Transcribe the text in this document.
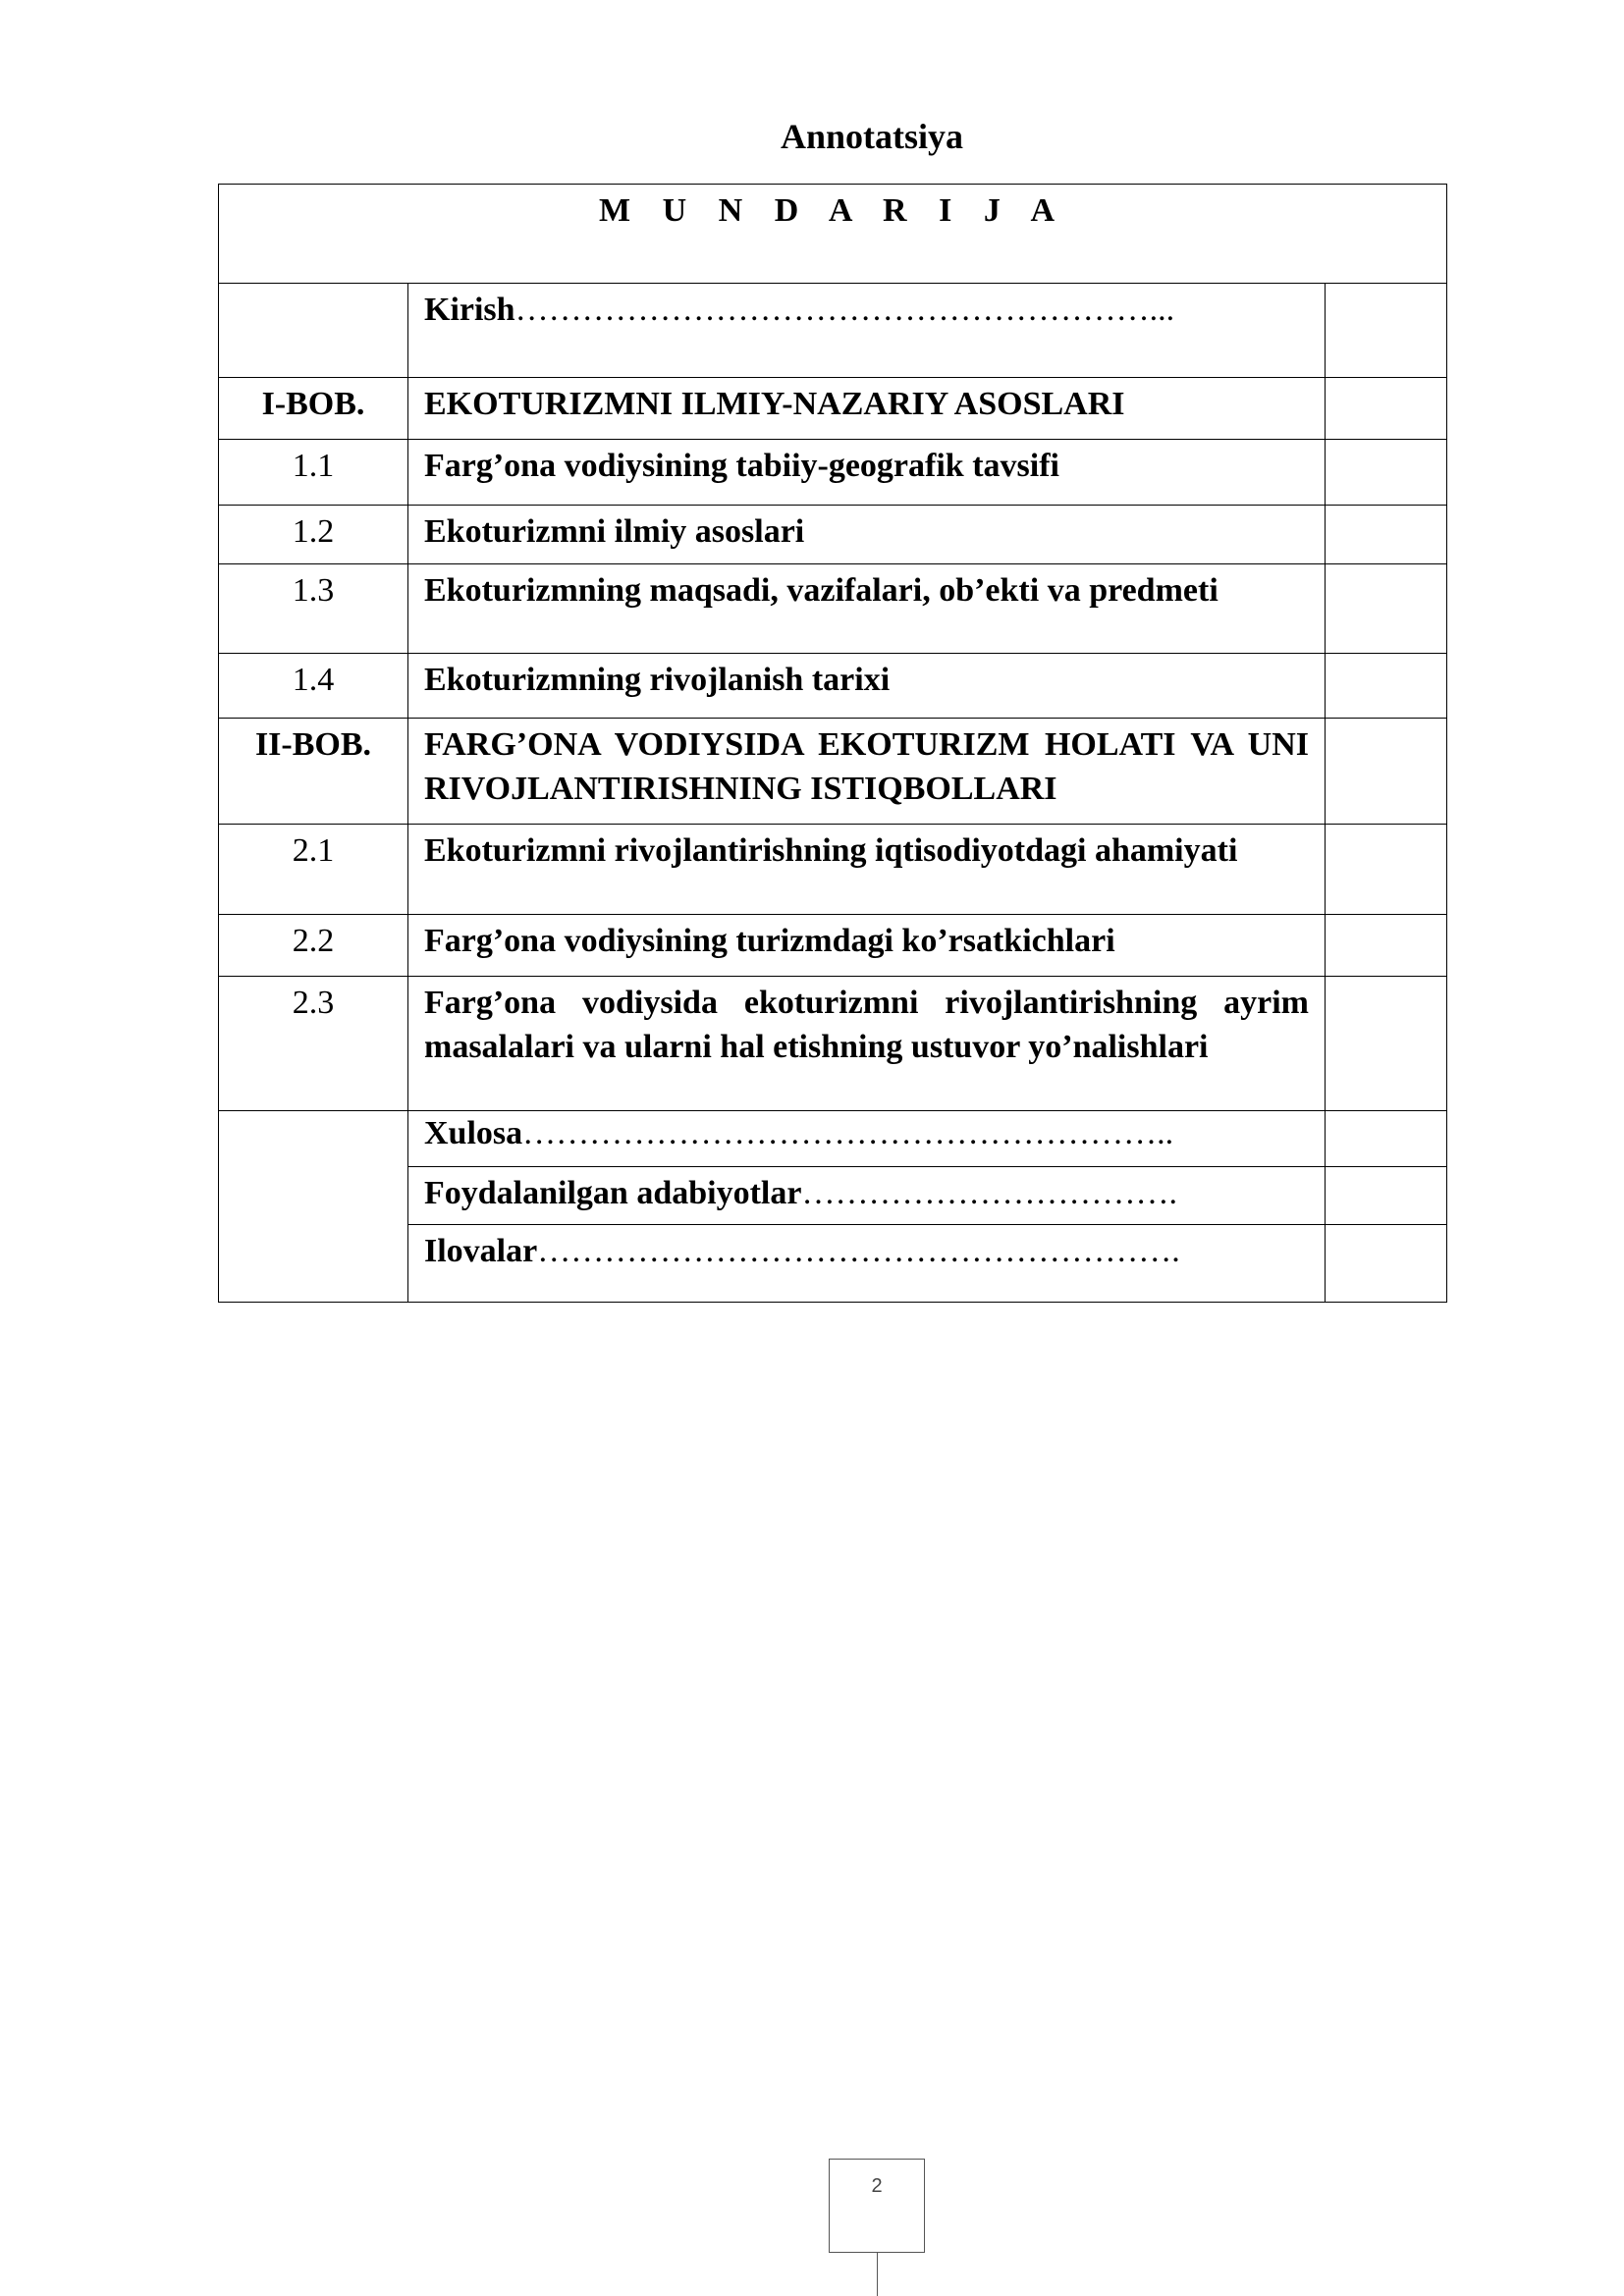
Annotatsiya
M U N D A R I J A		
	Kirish…………………………………………………...	
I-BOB.	EKOTURIZMNI ILMIY-NAZARIY ASOSLARI	
1.1	Farg’ona vodiysining tabiiy-geografik tavsifi	
1.2	Ekoturizmni ilmiy asoslari	
1.3	Ekoturizmning maqsadi, vazifalari, ob’ekti va predmeti	
1.4	Ekoturizmning rivojlanish tarixi	
II-BOB.	FARG’ONA VODIYSIDA EKOTURIZM HOLATI VA UNI RIVOJLANTIRISHNING ISTIQBOLLARI	
2.1	Ekoturizmni rivojlantirishning iqtisodiyotdagi ahamiyati	
2.2	Farg’ona vodiysining turizmdagi ko’rsatkichlari	
2.3	Farg’ona vodiysida ekoturizmni rivojlantirishning ayrim masalalari va ularni hal etishning ustuvor yo’nalishlari	
	Xulosa…………………………………………………..	
	Foydalanilgan adabiyotlar…………………………….	
	Ilovalar………………………………………………….	
2
